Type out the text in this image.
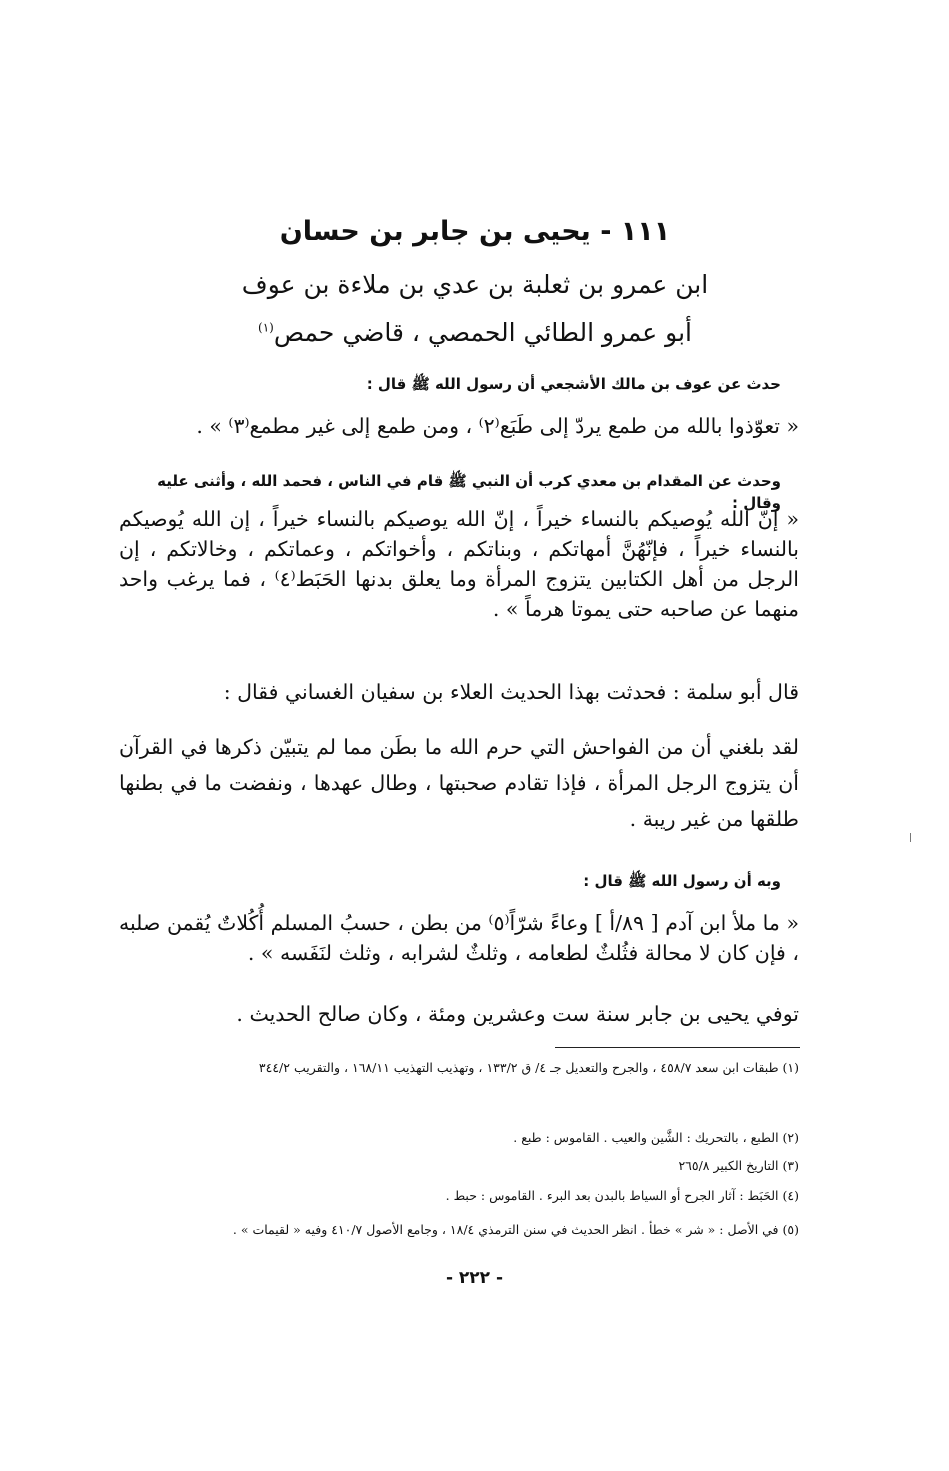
١١١ - يحيى بن جابر بن حسان
ابن عمرو بن ثعلبة بن عدي بن ملاءة بن عوف
أبو عمرو الطائي الحمصي ، قاضي حمص$^{(١)}$
حدث عن عوف بن مالك الأشجعي أن رسول الله ﷺ قال :
« تعوّذوا بالله من طمع يردّ إلى طَبَع⁽٢⁾ ، ومن طمع إلى غير مطمع⁽٣⁾ » .
وحدث عن المقدام بن معدي كرب أن النبي ﷺ قام في الناس ، فحمد الله ، وأثنى عليه وقال :
« إنّ الله يُوصيكم بالنساء خيراً ، إنّ الله يوصيكم بالنساء خيراً ، إن الله يُوصيكم بالنساء خيراً ، فإنّهُنَّ أمهاتكم ، وبناتكم ، وأخواتكم ، وعماتكم ، وخالاتكم ، إن الرجل من أهل الكتابين يتزوج المرأة وما يعلق بدنها الحَبَط⁽٤⁾ ، فما يرغب واحد منهما عن صاحبه حتى يموتا هرماً » .
قال أبو سلمة : فحدثت بهذا الحديث العلاء بن سفيان الغساني فقال :
لقد بلغني أن من الفواحش التي حرم الله ما بطَن مما لم يتبيّن ذكرها في القرآن أن يتزوج الرجل المرأة ، فإذا تقادم صحبتها ، وطال عهدها ، ونفضت ما في بطنها طلقها من غير ريبة .
وبه أن رسول الله ﷺ قال :
« ما ملأ ابن آدم [ ٨٩/أ ] وعاءً شرّاً⁽٥⁾ من بطن ، حسبُ المسلم أُكُلاتٌ يُقمن صلبه ، فإن كان لا محالة فثُلثٌ لطعامه ، وثلثٌ لشرابه ، وثلث لنَفَسه » .
توفي يحيى بن جابر سنة ست وعشرين ومئة ، وكان صالح الحديث .
(١) طبقات ابن سعد ٤٥٨/٧ ، والجرح والتعديل جـ ٤/ ق ١٣٣/٢ ، وتهذيب التهذيب ١٦٨/١١ ، والتقريب ٣٤٤/٢
(٢) الطبع ، بالتحريك : الشَّين والعيب . القاموس : طبع .
(٣) التاريخ الكبير ٢٦٥/٨
(٤) الحَبَط : آثار الجرح أو السياط بالبدن بعد البرء . القاموس : حبط .
(٥) في الأصل : « شر » خطأ . انظر الحديث في سنن الترمذي ١٨/٤ ، وجامع الأصول ٤١٠/٧ وفيه « لقيمات » .
- ٢٢٢ -
